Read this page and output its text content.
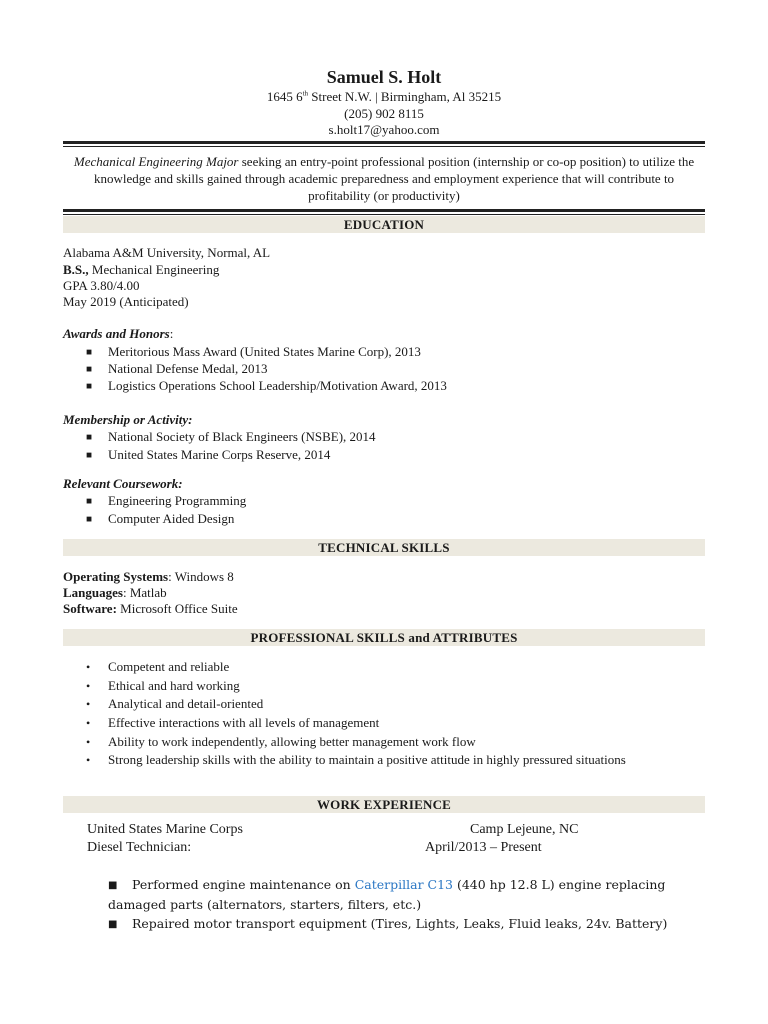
Samuel S. Holt
1645 6th Street N.W. | Birmingham, Al 35215
(205) 902 8115
s.holt17@yahoo.com
Mechanical Engineering Major seeking an entry-point professional position (internship or co-op position) to utilize the knowledge and skills gained through academic preparedness and employment experience that will contribute to profitability (or productivity)
EDUCATION
Alabama A&M University, Normal, AL
B.S., Mechanical Engineering
GPA 3.80/4.00
May 2019 (Anticipated)
Awards and Honors:
■ Meritorious Mass Award (United States Marine Corp), 2013
■ National Defense Medal, 2013
■ Logistics Operations School Leadership/Motivation Award, 2013
Membership or Activity:
■ National Society of Black Engineers (NSBE), 2014
■ United States Marine Corps Reserve, 2014
Relevant Coursework:
■ Engineering Programming
■ Computer Aided Design
TECHNICAL SKILLS
Operating Systems: Windows 8
Languages: Matlab
Software: Microsoft Office Suite
PROFESSIONAL SKILLS and ATTRIBUTES
• Competent and reliable
• Ethical and hard working
• Analytical and detail-oriented
• Effective interactions with all levels of management
• Ability to work independently, allowing better management work flow
• Strong leadership skills with the ability to maintain a positive attitude in highly pressured situations
WORK EXPERIENCE
United States Marine Corps	Camp Lejeune, NC
Diesel Technician:	April/2013 – Present
■ Performed engine maintenance on Caterpillar C13 (440 hp 12.8 L) engine replacing damaged parts (alternators, starters, filters, etc.)
■ Repaired motor transport equipment (Tires, Lights, Leaks, Fluid leaks, 24v. Battery)
